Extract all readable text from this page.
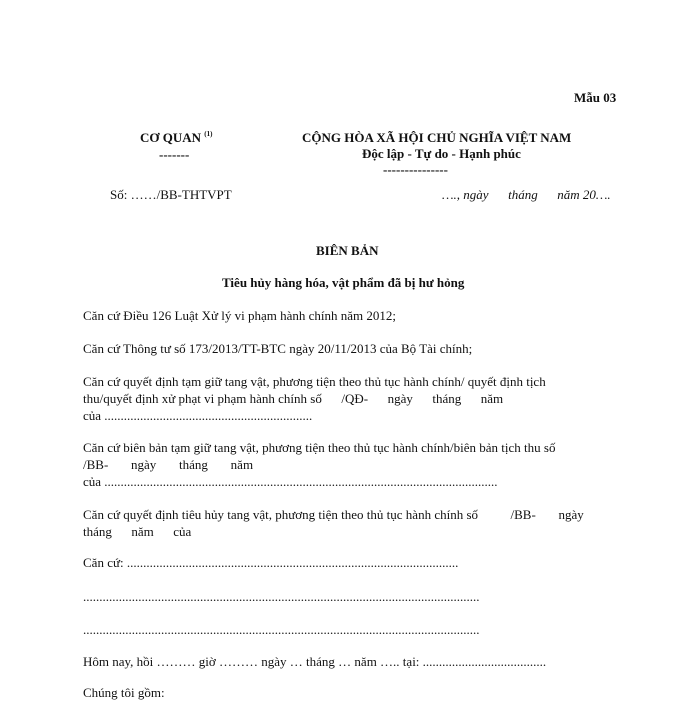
Mẫu 03
CƠ QUAN $^{(1)}$
-------
CỘNG HÒA XÃ HỘI CHỦ NGHĨA VIỆT NAM
Độc lập - Tự do - Hạnh phúc
---------------
Số: ……/BB-THTVPT	…., ngày      tháng      năm 20….
BIÊN BẢN
Tiêu hủy hàng hóa, vật phẩm đã bị hư hỏng
Căn cứ Điều 126 Luật Xử lý vi phạm hành chính năm 2012;
Căn cứ Thông tư số 173/2013/TT-BTC ngày 20/11/2013 của Bộ Tài chính;
Căn cứ quyết định tạm giữ tang vật, phương tiện theo thủ tục hành chính/ quyết định tịch
thu/quyết định xử phạt vi phạm hành chính số      /QĐ-      ngày      tháng      năm
của ................................................................
Căn cứ biên bản tạm giữ tang vật, phương tiện theo thủ tục hành chính/biên bản tịch thu số
/BB-       ngày       tháng       năm
của .........................................................................................................................
Căn cứ quyết định tiêu hủy tang vật, phương tiện theo thủ tục hành chính số          /BB-       ngày
tháng      năm      của
Căn cứ: ......................................................................................................
..........................................................................................................................
..........................................................................................................................
Hôm nay, hồi ……… giờ ……… ngày … tháng … năm ….. tại: ......................................
Chúng tôi gồm:
